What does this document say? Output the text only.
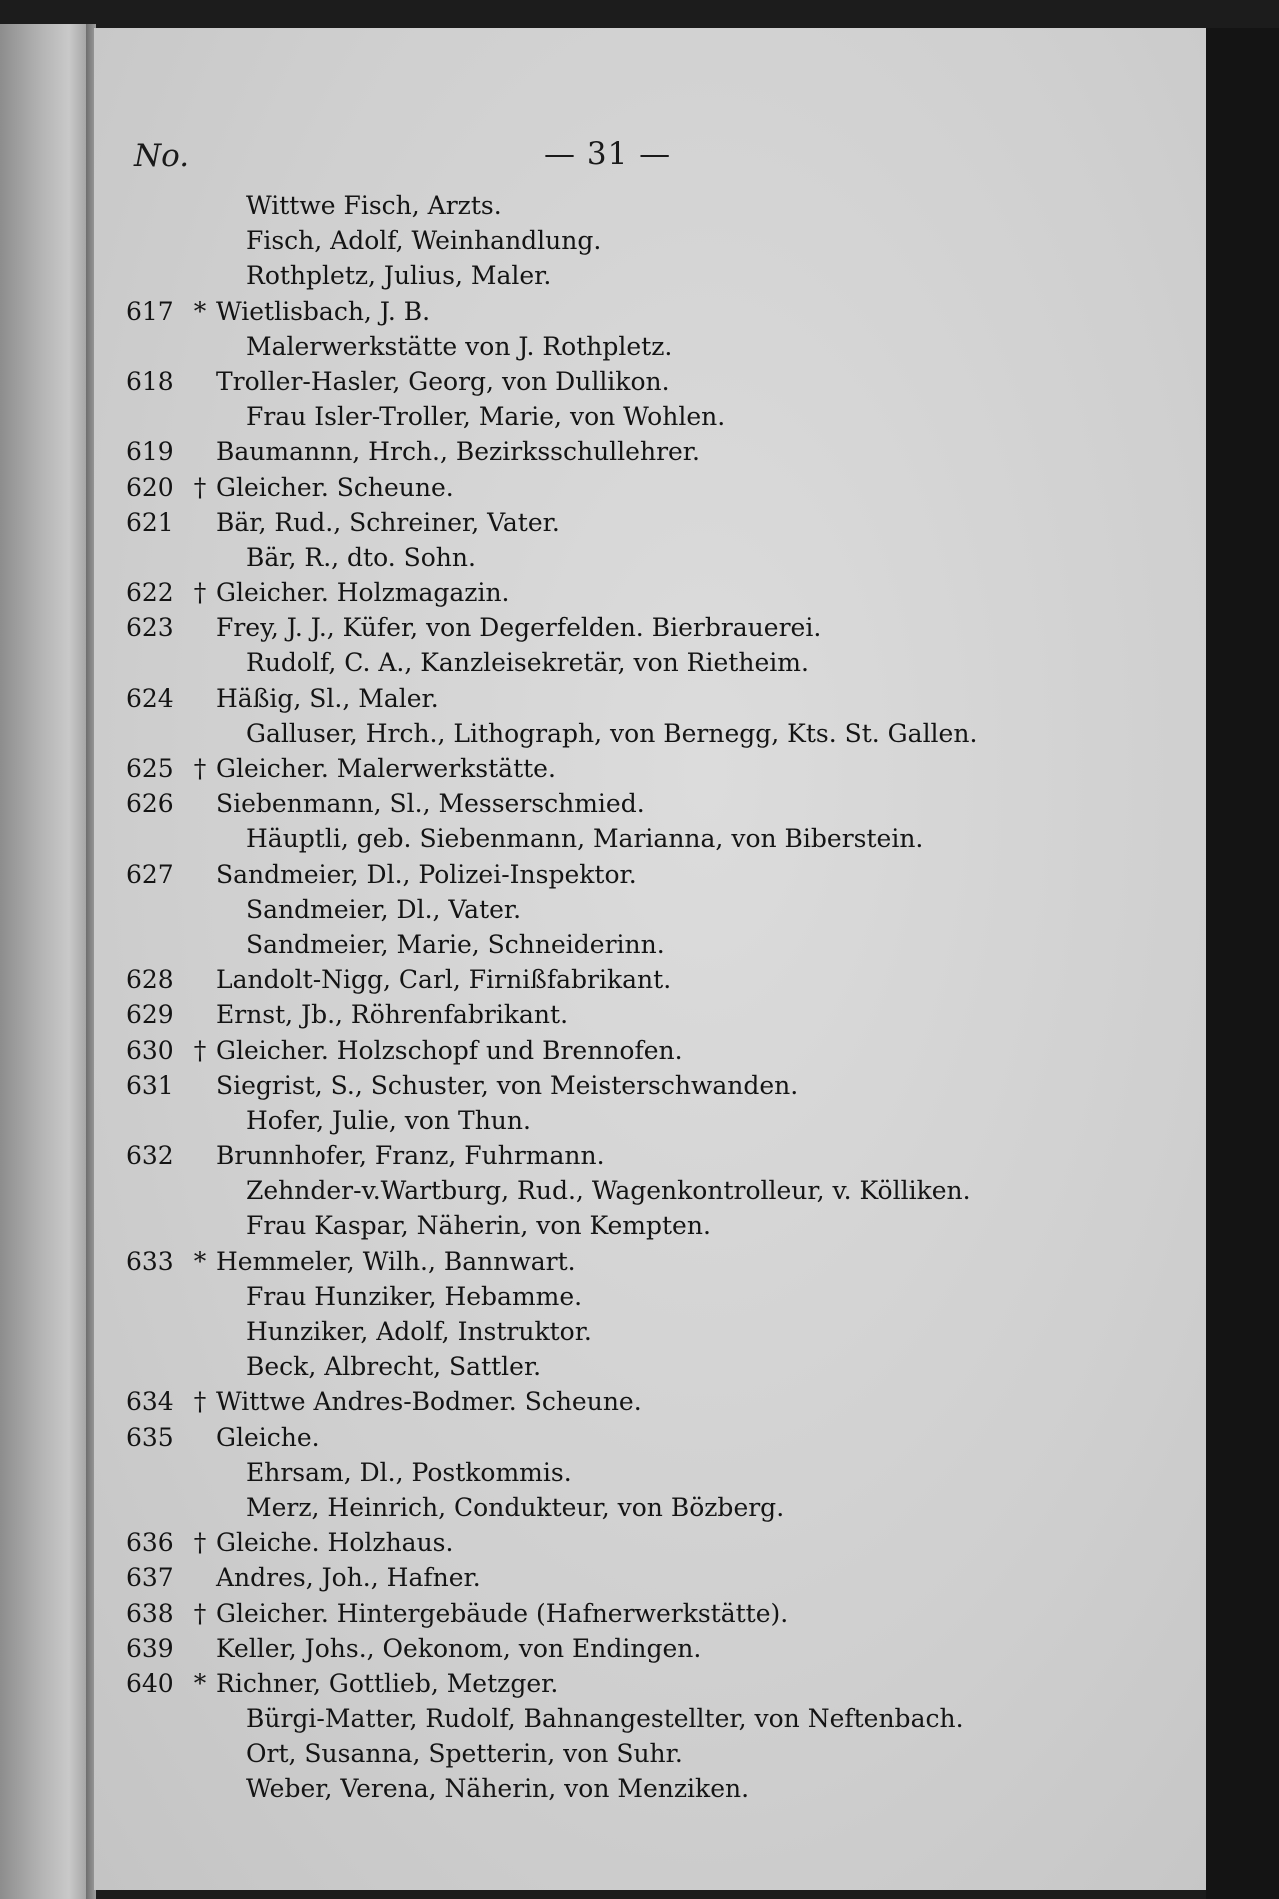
No.	— 31 —
Wittwe Fisch, Arzts.
Fisch, Adolf, Weinhandlung.
Rothpletz, Julius, Maler.
617 * Wietlisbach, J. B.
Malerwerkstätte von J. Rothpletz.
618	Troller-Hasler, Georg, von Dullikon.
Frau Isler-Troller, Marie, von Wohlen.
619	Baumannn, Hrch., Bezirksschullehrer.
620 † Gleicher. Scheune.
621	Bär, Rud., Schreiner, Vater.
Bär, R., dto. Sohn.
622 † Gleicher. Holzmagazin.
623	Frey, J. J., Küfer, von Degerfelden. Bierbrauerei.
Rudolf, C. A., Kanzleisekretär, von Rietheim.
624	Häßig, Sl., Maler.
Galluser, Hrch., Lithograph, von Bernegg, Kts. St. Gallen.
625 † Gleicher. Malerwerkstätte.
626	Siebenmann, Sl., Messerschmied.
Häuptli, geb. Siebenmann, Marianna, von Biberstein.
627	Sandmeier, Dl., Polizei-Inspektor.
Sandmeier, Dl., Vater.
Sandmeier, Marie, Schneiderinn.
628	Landolt-Nigg, Carl, Firnißfabrikant.
629	Ernst, Jb., Röhrenfabrikant.
630 † Gleicher. Holzschopf und Brennofen.
631	Siegrist, S., Schuster, von Meisterschwanden.
Hofer, Julie, von Thun.
632	Brunnhofer, Franz, Fuhrmann.
Zehnder-v.Wartburg, Rud., Wagenkontrolleur, v. Kölliken.
Frau Kaspar, Näherin, von Kempten.
633 * Hemmeler, Wilh., Bannwart.
Frau Hunziker, Hebamme.
Hunziker, Adolf, Instruktor.
Beck, Albrecht, Sattler.
634 † Wittwe Andres-Bodmer. Scheune.
635	Gleiche.
Ehrsam, Dl., Postkommis.
Merz, Heinrich, Condukteur, von Bözberg.
636 † Gleiche. Holzhaus.
637	Andres, Joh., Hafner.
638 † Gleicher. Hintergebäude (Hafnerwerkstätte).
639	Keller, Johs., Oekonom, von Endingen.
640 * Richner, Gottlieb, Metzger.
Bürgi-Matter, Rudolf, Bahnangestellter, von Neftenbach.
Ort, Susanna, Spetterin, von Suhr.
Weber, Verena, Näherin, von Menziken.
